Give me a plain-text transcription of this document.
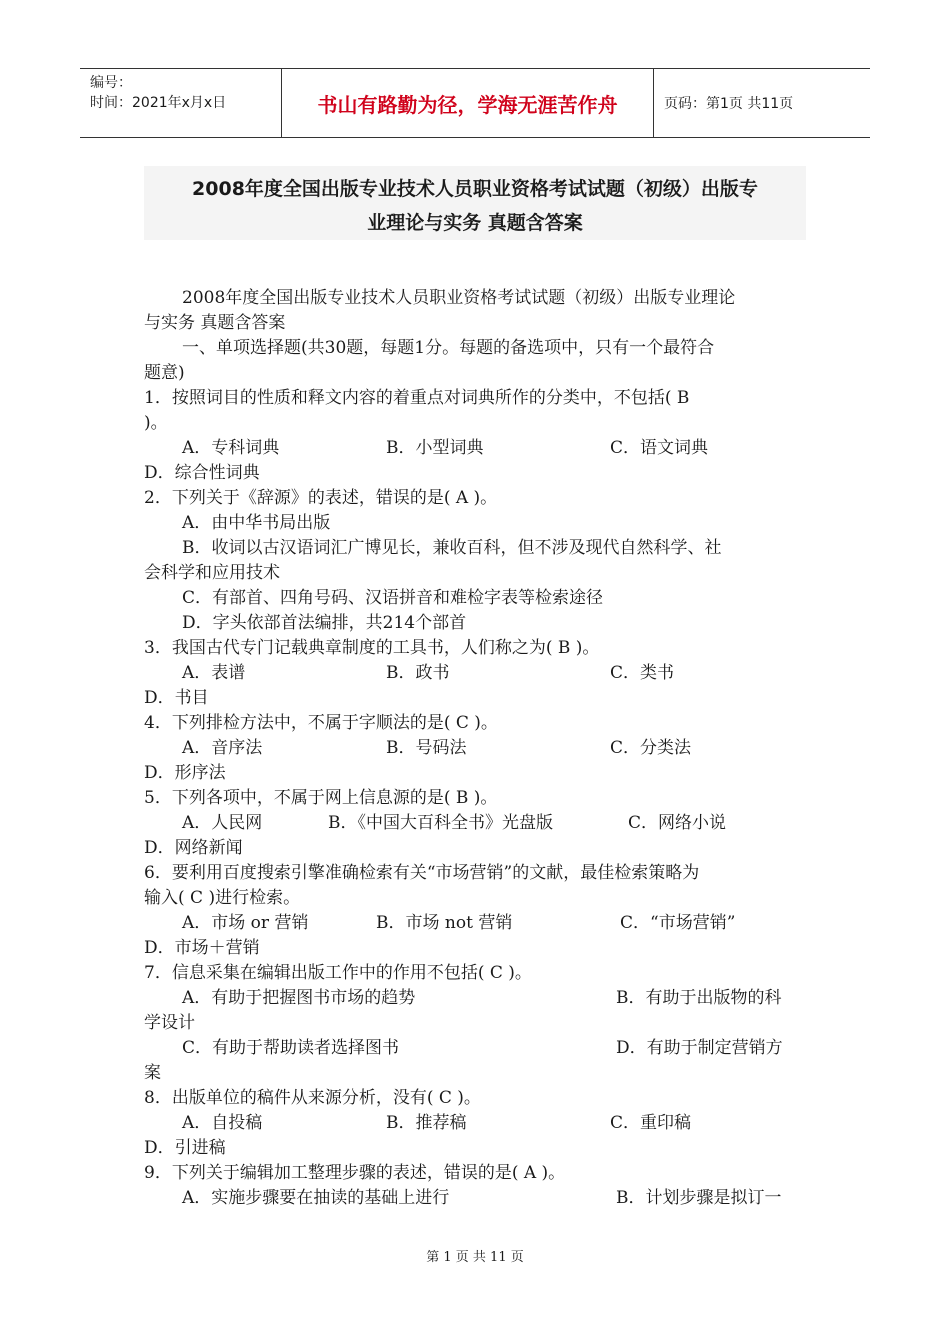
编号：
时间：2021年x月x日	书山有路勤为径，学海无涯苦作舟	页码：第1页 共11页
2008年度全国出版专业技术人员职业资格考试试题（初级）出版专
业理论与实务 真题含答案
2008年度全国出版专业技术人员职业资格考试试题（初级）出版专业理论
与实务 真题含答案
一、单项选择题(共30题，每题1分。每题的备选项中，只有一个最符合
题意)
1．按照词目的性质和释文内容的着重点对词典所作的分类中，不包括( B
)。
A．专科词典	B．小型词典	C．语文词典
D．综合性词典
2．下列关于《辞源》的表述，错误的是( A )。
A．由中华书局出版
B．收词以古汉语词汇广博见长，兼收百科，但不涉及现代自然科学、社
会科学和应用技术
C．有部首、四角号码、汉语拼音和难检字表等检索途径
D．字头依部首法编排，共214个部首
3．我国古代专门记载典章制度的工具书，人们称之为( B )。
A．表谱	B．政书	C．类书
D．书目
4．下列排检方法中，不属于字顺法的是( C )。
A．音序法	B．号码法	C．分类法
D．形序法
5．下列各项中，不属于网上信息源的是( B )。
A．人民网	B．《中国大百科全书》光盘版	C．网络小说
D．网络新闻
6．要利用百度搜索引擎准确检索有关“市场营销”的文献，最佳检索策略为
输入( C )进行检索。
A．市场 or 营销	B．市场 not 营销	C．“市场营销”
D．市场＋营销
7．信息采集在编辑出版工作中的作用不包括( C )。
A．有助于把握图书市场的趋势	B．有助于出版物的科
学设计
C．有助于帮助读者选择图书	D．有助于制定营销方
案
8．出版单位的稿件从来源分析，没有( C )。
A．自投稿	B．推荐稿	C．重印稿
D．引进稿
9．下列关于编辑加工整理步骤的表述，错误的是( A )。
A．实施步骤要在抽读的基础上进行	B．计划步骤是拟订一
第 1 页 共 11 页
